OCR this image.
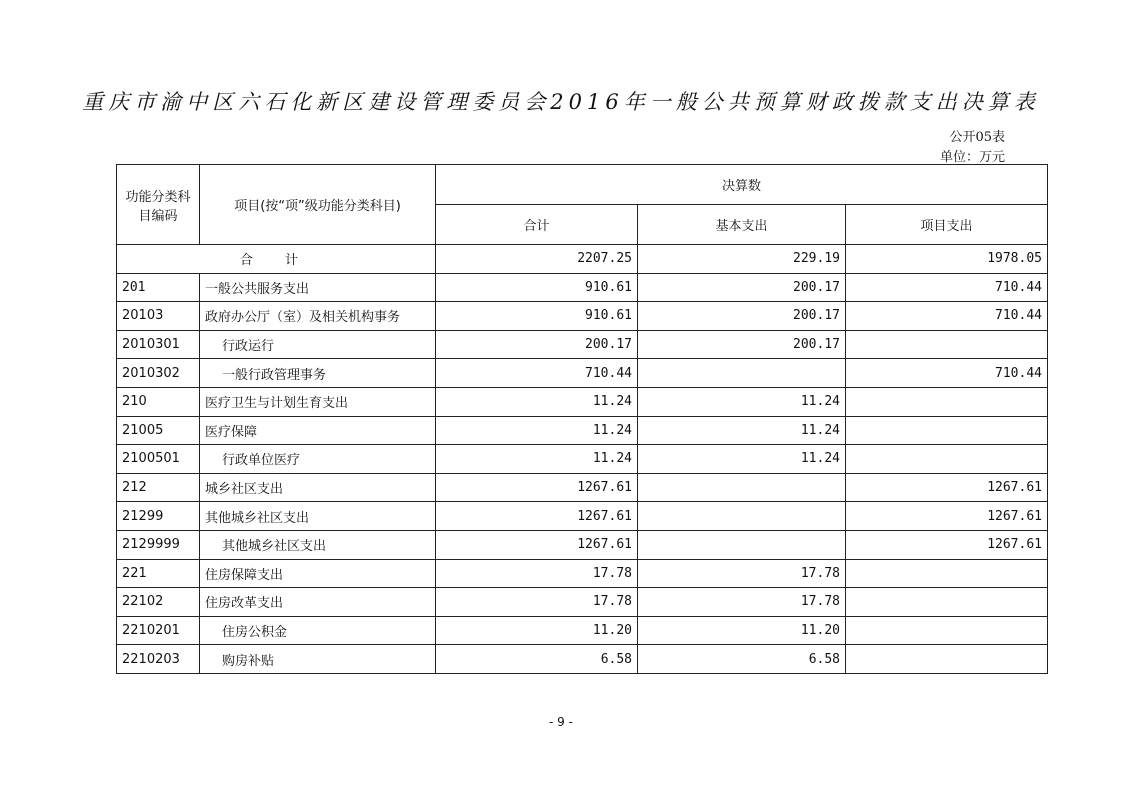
重庆市渝中区六石化新区建设管理委员会2016年一般公共预算财政拨款支出决算表
公开05表
单位：万元
功能分类科目编码	项目(按“项”级功能分类科目)	决算数		
		合计	基本支出	项目支出
合 计		2207.25	229.19	1978.05
201	一般公共服务支出	910.61	200.17	710.44
20103	政府办公厅（室）及相关机构事务	910.61	200.17	710.44
2010301	行政运行	200.17	200.17	
2010302	一般行政管理事务	710.44		710.44
210	医疗卫生与计划生育支出	11.24	11.24	
21005	医疗保障	11.24	11.24	
2100501	行政单位医疗	11.24	11.24	
212	城乡社区支出	1267.61		1267.61
21299	其他城乡社区支出	1267.61		1267.61
2129999	其他城乡社区支出	1267.61		1267.61
221	住房保障支出	17.78	17.78	
22102	住房改革支出	17.78	17.78	
2210201	住房公积金	11.20	11.20	
2210203	购房补贴	6.58	6.58	
- 9 -
